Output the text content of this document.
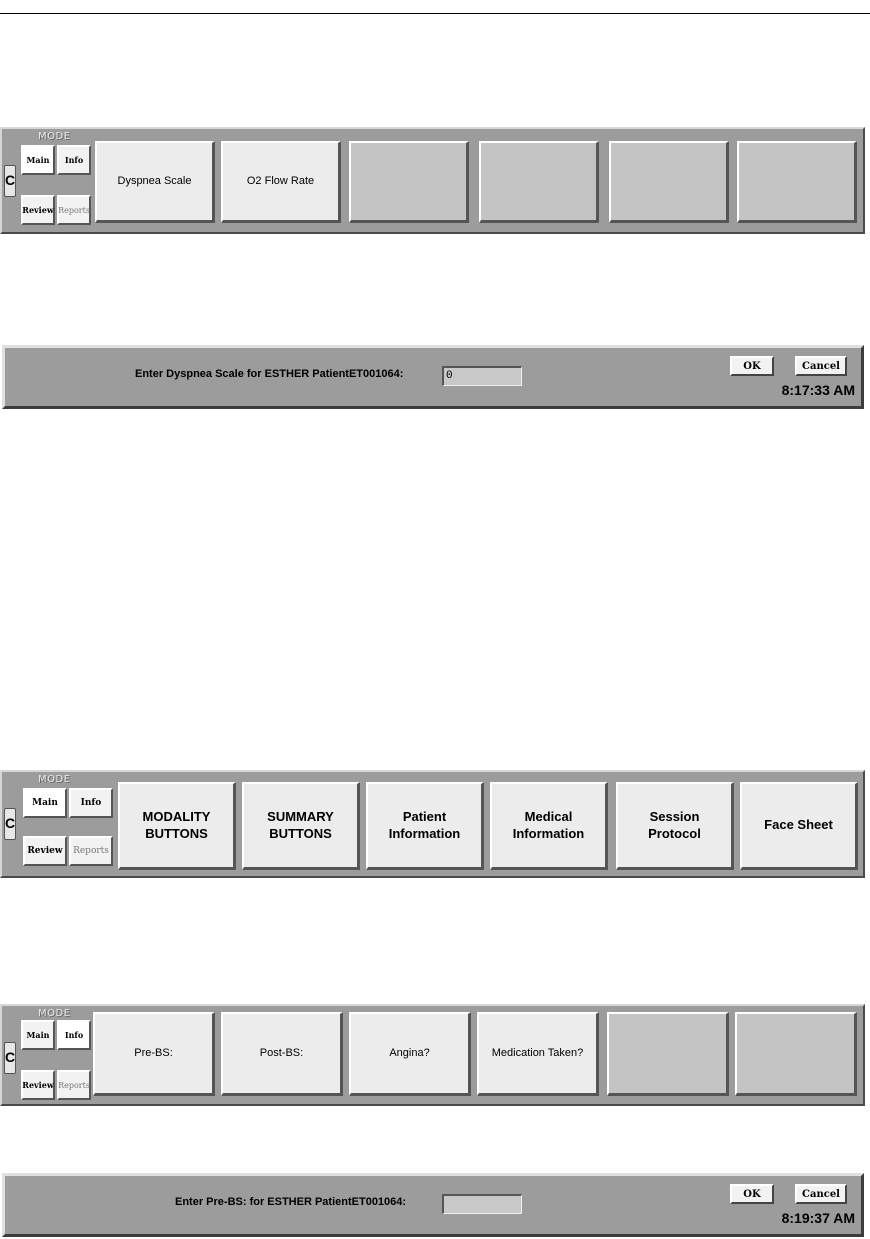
MODE
C
Main	Info
Review Reports
Dyspnea Scale	O2 Flow Rate
Enter Dyspnea Scale for ESTHER PatientET001064:	0
OK	Cancel
8:17:33 AM
MODE
C
Main	Info
Review	Reports
MODALITY
BUTTONS
SUMMARY
BUTTONS
Patient
Information
Medical
Information
Session
Protocol
Face Sheet
MODE
C
Main	Info
Review Reports
Pre-BS:	Post-BS:	Angina?	Medication Taken?
Enter Pre-BS: for ESTHER PatientET001064:
OK	Cancel
8:19:37 AM
